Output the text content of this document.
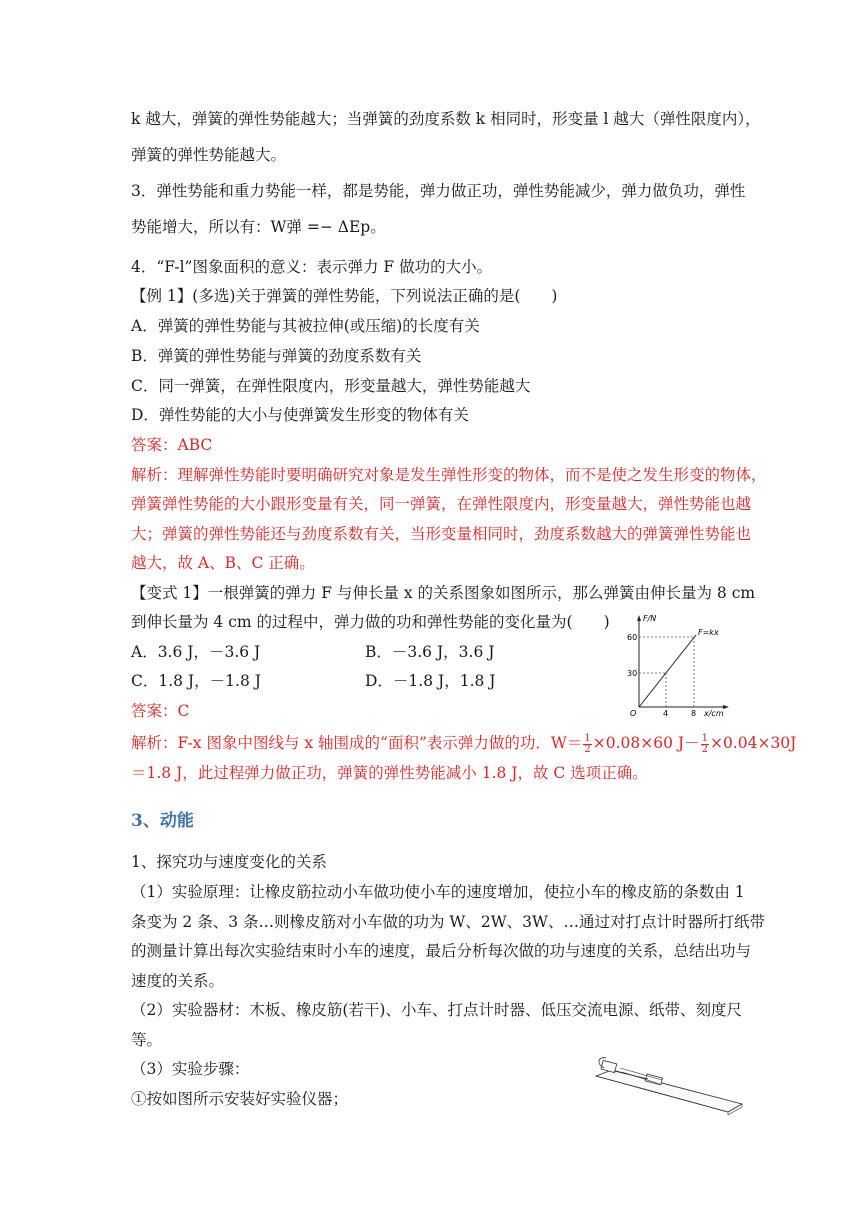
k 越大，弹簧的弹性势能越大；当弹簧的劲度系数 k 相同时，形变量 l 越大（弹性限度内），
弹簧的弹性势能越大。
3．弹性势能和重力势能一样，都是势能，弹力做正功，弹性势能减少，弹力做负功，弹性
势能增大，所以有：W弹 =− ΔEp。
4．“F-l”图象面积的意义：表示弹力 F 做功的大小。
【例 1】(多选)关于弹簧的弹性势能，下列说法正确的是(　　)
A．弹簧的弹性势能与其被拉伸(或压缩)的长度有关
B．弹簧的弹性势能与弹簧的劲度系数有关
C．同一弹簧，在弹性限度内，形变量越大，弹性势能越大
D．弹性势能的大小与使弹簧发生形变的物体有关
答案：ABC
解析：理解弹性势能时要明确研究对象是发生弹性形变的物体，而不是使之发生形变的物体，
弹簧弹性势能的大小跟形变量有关，同一弹簧，在弹性限度内，形变量越大，弹性势能也越
大；弹簧的弹性势能还与劲度系数有关，当形变量相同时，劲度系数越大的弹簧弹性势能也
越大，故 A、B、C 正确。
【变式 1】一根弹簧的弹力 F 与伸长量 x 的关系图象如图所示，那么弹簧由伸长量为 8 cm
到伸长量为 4 cm 的过程中，弹力做的功和弹性势能的变化量为(　　)
A．3.6 J，－3.6 J	B．－3.6 J，3.6 J
C．1.8 J，－1.8 J	D．－1.8 J，1.8 J
答案：C
解析：F-x 图象中图线与 x 轴围成的“面积”表示弹力做的功．$W= \frac{1}{2} \times 0.08\times 60$ $J- \frac{1}{2} \times 0.04\times 30J$
＝1.8 J，此过程弹力做正功，弹簧的弹性势能减小 1.8 J，故 C 选项正确。
F/N
F=kx
60
30
O	4	8 x/cm
3、动能
1、探究功与速度变化的关系
（1）实验原理：让橡皮筋拉动小车做功使小车的速度增加，使拉小车的橡皮筋的条数由 1
条变为 2 条、3 条…则橡皮筋对小车做的功为 W、2W、3W、…通过对打点计时器所打纸带
的测量计算出每次实验结束时小车的速度，最后分析每次做的功与速度的关系，总结出功与
速度的关系。
（2）实验器材：木板、橡皮筋(若干)、小车、打点计时器、低压交流电源、纸带、刻度尺
等。
（3）实验步骤：
①按如图所示安装好实验仪器；
